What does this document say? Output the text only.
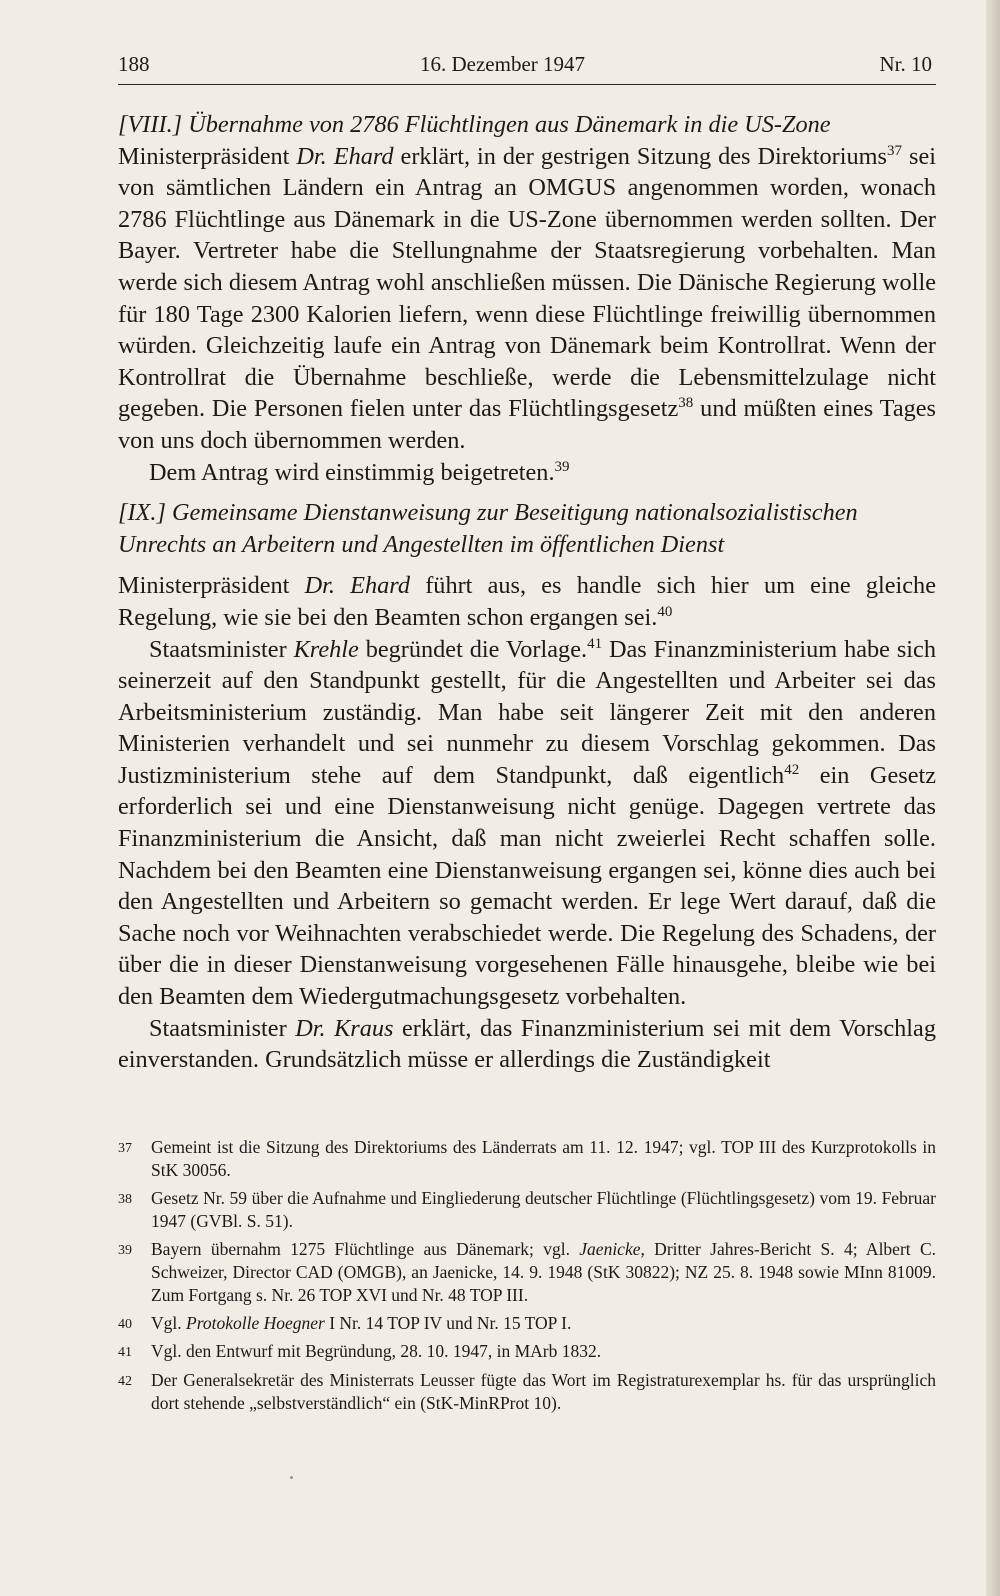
188	16. Dezember 1947	Nr. 10
[VIII.] Übernahme von 2786 Flüchtlingen aus Dänemark in die US-Zone

Ministerpräsident Dr. Ehard erklärt, in der gestrigen Sitzung des Direktoriums$^{37}$ sei von sämtlichen Ländern ein Antrag an OMGUS angenommen worden, wonach 2786 Flüchtlinge aus Dänemark in die US-Zone übernommen werden sollten. Der Bayer. Vertreter habe die Stellungnahme der Staatsregierung vorbehalten. Man werde sich diesem Antrag wohl anschließen müssen. Die Dänische Regierung wolle für 180 Tage 2300 Kalorien liefern, wenn diese Flüchtlinge freiwillig übernommen würden. Gleichzeitig laufe ein Antrag von Dänemark beim Kontrollrat. Wenn der Kontrollrat die Übernahme beschließe, werde die Lebensmittelzulage nicht gegeben. Die Personen fielen unter das Flüchtlingsgesetz$^{38}$ und müßten eines Tages von uns doch übernommen werden.

Dem Antrag wird einstimmig beigetreten.$^{39}$

[IX.] Gemeinsame Dienstanweisung zur Beseitigung nationalsozialistischen Unrechts an Arbeitern und Angestellten im öffentlichen Dienst

Ministerpräsident Dr. Ehard führt aus, es handle sich hier um eine gleiche Regelung, wie sie bei den Beamten schon ergangen sei.$^{40}$

Staatsminister Krehle begründet die Vorlage.$^{41}$ Das Finanzministerium habe sich seinerzeit auf den Standpunkt gestellt, für die Angestellten und Arbeiter sei das Arbeitsministerium zuständig. Man habe seit längerer Zeit mit den anderen Ministerien verhandelt und sei nunmehr zu diesem Vorschlag gekommen. Das Justizministerium stehe auf dem Standpunkt, daß eigentlich$^{42}$ ein Gesetz erforderlich sei und eine Dienstanweisung nicht genüge. Dagegen vertrete das Finanzministerium die Ansicht, daß man nicht zweierlei Recht schaffen solle. Nachdem bei den Beamten eine Dienstanweisung ergangen sei, könne dies auch bei den Angestellten und Arbeitern so gemacht werden. Er lege Wert darauf, daß die Sache noch vor Weihnachten verabschiedet werde. Die Regelung des Schadens, der über die in dieser Dienstanweisung vorgesehenen Fälle hinausgehe, bleibe wie bei den Beamten dem Wiedergutmachungsgesetz vorbehalten.

Staatsminister Dr. Kraus erklärt, das Finanzministerium sei mit dem Vorschlag einverstanden. Grundsätzlich müsse er allerdings die Zuständigkeit

37	Gemeint ist die Sitzung des Direktoriums des Länderrats am 11. 12. 1947; vgl. TOP III des Kurzprotokolls in StK 30056.
38	Gesetz Nr. 59 über die Aufnahme und Eingliederung deutscher Flüchtlinge (Flüchtlingsgesetz) vom 19. Februar 1947 (GVBl. S. 51).
39	Bayern übernahm 1275 Flüchtlinge aus Dänemark; vgl. Jaenicke, Dritter Jahres-Bericht S. 4; Albert C. Schweizer, Director CAD (OMGB), an Jaenicke, 14. 9. 1948 (StK 30822); NZ 25. 8. 1948 sowie MInn 81009. Zum Fortgang s. Nr. 26 TOP XVI und Nr. 48 TOP III.
40	Vgl. Protokolle Hoegner I Nr. 14 TOP IV und Nr. 15 TOP I.
41	Vgl. den Entwurf mit Begründung, 28. 10. 1947, in MArb 1832.
42	Der Generalsekretär des Ministerrats Leusser fügte das Wort im Registraturexemplar hs. für das ursprünglich dort stehende „selbstverständlich“ ein (StK-MinRProt 10).
